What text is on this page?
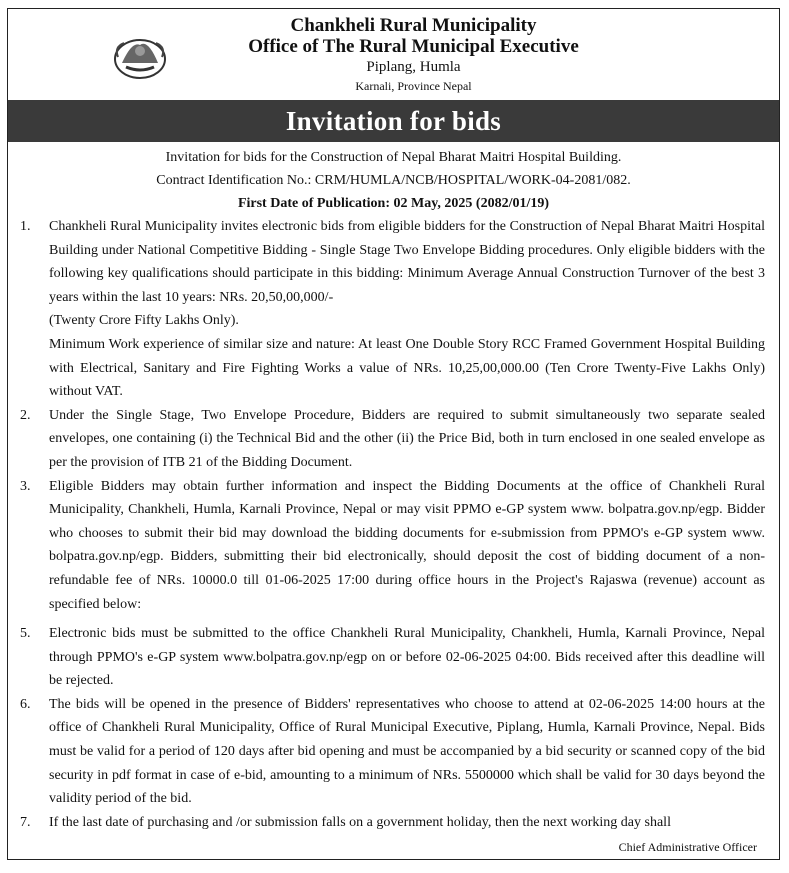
Chankheli Rural Municipality
Office of The Rural Municipal Executive
Piplang, Humla
Karnali, Province Nepal
Invitation for bids
Invitation for bids for the Construction of Nepal Bharat Maitri Hospital Building.
Contract Identification No.: CRM/HUMLA/NCB/HOSPITAL/WORK-04-2081/082.
First Date of Publication: 02 May, 2025 (2082/01/19)
1. Chankheli Rural Municipality invites electronic bids from eligible bidders for the Construction of Nepal Bharat Maitri Hospital Building under National Competitive Bidding - Single Stage Two Envelope Bidding procedures. Only eligible bidders with the following key qualifications should participate in this bidding: Minimum Average Annual Construction Turnover of the best 3 years within the last 10 years: NRs. 20,50,00,000/-
(Twenty Crore Fifty Lakhs Only).
Minimum Work experience of similar size and nature: At least One Double Story RCC Framed Government Hospital Building with Electrical, Sanitary and Fire Fighting Works a value of NRs. 10,25,00,000.00 (Ten Crore Twenty-Five Lakhs Only) without VAT.
2. Under the Single Stage, Two Envelope Procedure, Bidders are required to submit simultaneously two separate sealed envelopes, one containing (i) the Technical Bid and the other (ii) the Price Bid, both in turn enclosed in one sealed envelope as per the provision of ITB 21 of the Bidding Document.
3. Eligible Bidders may obtain further information and inspect the Bidding Documents at the office of Chankheli Rural Municipality, Chankheli, Humla, Karnali Province, Nepal or may visit PPMO e-GP system www. bolpatra.gov.np/egp. Bidder who chooses to submit their bid may download the bidding documents for e-submission from PPMO's e-GP system www. bolpatra.gov.np/egp. Bidders, submitting their bid electronically, should deposit the cost of bidding document of a non-refundable fee of NRs. 10000.0 till 01-06-2025 17:00 during office hours in the Project's Rajaswa (revenue) account as specified below:
5. Electronic bids must be submitted to the office Chankheli Rural Municipality, Chankheli, Humla, Karnali Province, Nepal through PPMO's e-GP system www.bolpatra.gov.np/egp on or before 02-06-2025 04:00. Bids received after this deadline will be rejected.
6. The bids will be opened in the presence of Bidders' representatives who choose to attend at 02-06-2025 14:00 hours at the office of Chankheli Rural Municipality, Office of Rural Municipal Executive, Piplang, Humla, Karnali Province, Nepal. Bids must be valid for a period of 120 days after bid opening and must be accompanied by a bid security or scanned copy of the bid security in pdf format in case of e-bid, amounting to a minimum of NRs. 5500000 which shall be valid for 30 days beyond the validity period of the bid.
7. If the last date of purchasing and /or submission falls on a government holiday, then the next working day shall
Chief Administrative Officer
